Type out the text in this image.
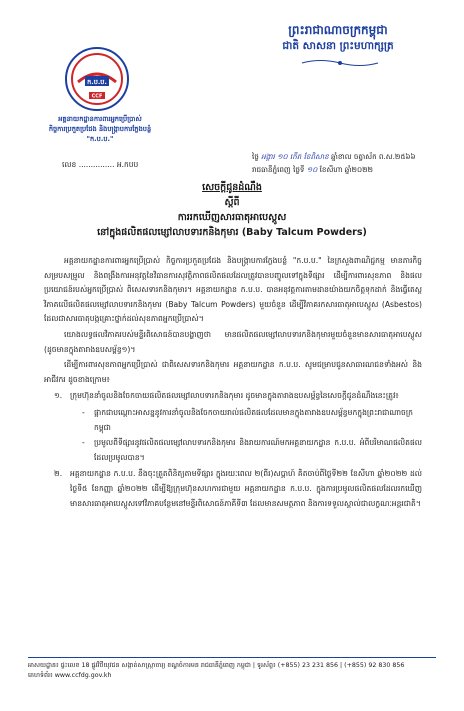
ព្រះរាជាណាចក្រកម្ពុជា
ជាតិ សាសនា ព្រះមហាក្សត្រ
ក.ប.ប.
CCF
អគ្គនាយកដ្ឋានការពារអ្នកប្រើប្រាស់
កិច្ចការប្រកួតប្រជែង និងបង្ក្រាបការក្លែងបន្លំ
"ក.ប.ប."
លេខ ............... អ.កបប
ថ្ងៃ អង្គារ ១០ កើត ខែពិសាខ ឆ្នាំខាល ចត្វាស័ក ព.ស.២៥៦៦
រាជធានីភ្នំពេញ ថ្ងៃទី ១០ ខែសីហា ឆ្នាំ២០២២
សេចក្តីជូនដំណឹង
ស្តីពី
ការរកឃើញសារធាតុអាបេស្តូស
នៅក្នុងផលិតផលម្សៅលាបទារកនិងកុមារ (Baby Talcum Powders)

អគ្គនាយកដ្ឋានការពារអ្នកប្រើប្រាស់ កិច្ចការប្រកួតប្រជែង និងបង្ក្រាបការក្លែងបន្លំ "ក.ប.ប." នៃក្រសួងពាណិជ្ជកម្ម មានភារកិច្ចសម្របសម្រួល និងពង្រឹងការអនុវត្តនៃវិធានការសុវត្ថិភាពផលិតផលដែលត្រូវបានបញ្ចូលទៅក្នុងទីផ្សារ ដើម្បីការពារសុខភាព និងផលប្រយោជន៍របស់អ្នកប្រើប្រាស់ ពិសេសទារកនិងកុមារ។ អគ្គនាយកដ្ឋាន ក.ប.ប. បានអនុវត្តការតាមដានយ៉ាងយកចិត្តទុកដាក់ និងធ្វើតេស្តវិភាគលើផលិតផលម្សៅលាបទារកនិងកុមារ (Baby Talcum Powders) មួយចំនួន ដើម្បីវិភាគរកសារធាតុអាបេស្តូស (Asbestos) ដែលជាសារធាតុបង្កគ្រោះថ្នាក់ដល់សុខភាពអ្នកប្រើប្រាស់។

យោងលទ្ធផលវិភាគរបស់មន្ទីរពិសោធន៍បានបង្ហាញថា មានផលិតផលម្សៅលាបទារកនិងកុមារមួយចំនួនមានសារធាតុអាបេស្តូស (ដូចមានក្នុងតារាងឧបសម្ព័ន្ធ១)។

ដើម្បីការពារសុខភាពអ្នកប្រើប្រាស់ ជាពិសេសទារកនិងកុមារ អគ្គនាយកដ្ឋាន ក.ប.ប. សូមជម្រាបជូនសាធារណជនទាំងអស់ និងអាជីវករ ដូចខាងក្រោម៖

១. ក្រុមហ៊ុននាំចូលនិងចែកចាយផលិតផលម្សៅលាបទារកនិងកុមារ ដូចមានក្នុងតារាងឧបសម្ព័ន្ធនៃសេចក្តីជូនដំណឹងនេះត្រូវ៖
- ផ្អាកជាបណ្តោះអាសន្ននូវការនាំចូលនិងចែកចាយរាល់ផលិតផលដែលមានក្នុងតារាងឧបសម្ព័ន្ធមកក្នុងព្រះរាជាណាចក្រកម្ពុជា
- ប្រមូលពីទីផ្សារនូវផលិតផលម្សៅលាបទារកនិងកុមារ និងរាយការណ៍មកអគ្គនាយកដ្ឋាន ក.ប.ប. អំពីបរិមាណផលិតផលដែលប្រមូលបាន។
២. អគ្គនាយកដ្ឋាន ក.ប.ប. នឹងចុះត្រួតពិនិត្យតាមទីផ្សារ ក្នុងរយៈពេល ២(ពីរ)សប្តាហ៍ គិតចាប់ពីថ្ងៃទី២២ ខែសីហា ឆ្នាំ២០២២ ដល់ថ្ងៃទី៥ ខែកញ្ញា ឆ្នាំ២០២២ ដើម្បីឱ្យក្រុមហ៊ុនសហការជាមួយ អគ្គនាយកដ្ឋាន ក.ប.ប. ក្នុងការប្រមូលផលិតផលដែលរកឃើញមានសារធាតុអាបេស្តូសទៅវិភាគបន្ថែមនៅមន្ទីរពិសោធន៍ភាគីទី៣ ដែលមានសមត្ថភាព និងការទទួលស្គាល់ជាលក្ខណៈអន្តរជាតិ។
អាសយដ្ឋាន៖ ផ្ទះលេខ 18 ផ្លូវវិថីយុវជន សង្កាត់សាស្រ្តាចារ្យ ខណ្ឌចំការមន រាជធានីភ្នំពេញ កម្ពុជា | ទូរស័ព្ទ៖ (+855) 23 231 856 | (+855) 92 830 856
គេហទំព័រ៖ www.ccfdg.gov.kh
